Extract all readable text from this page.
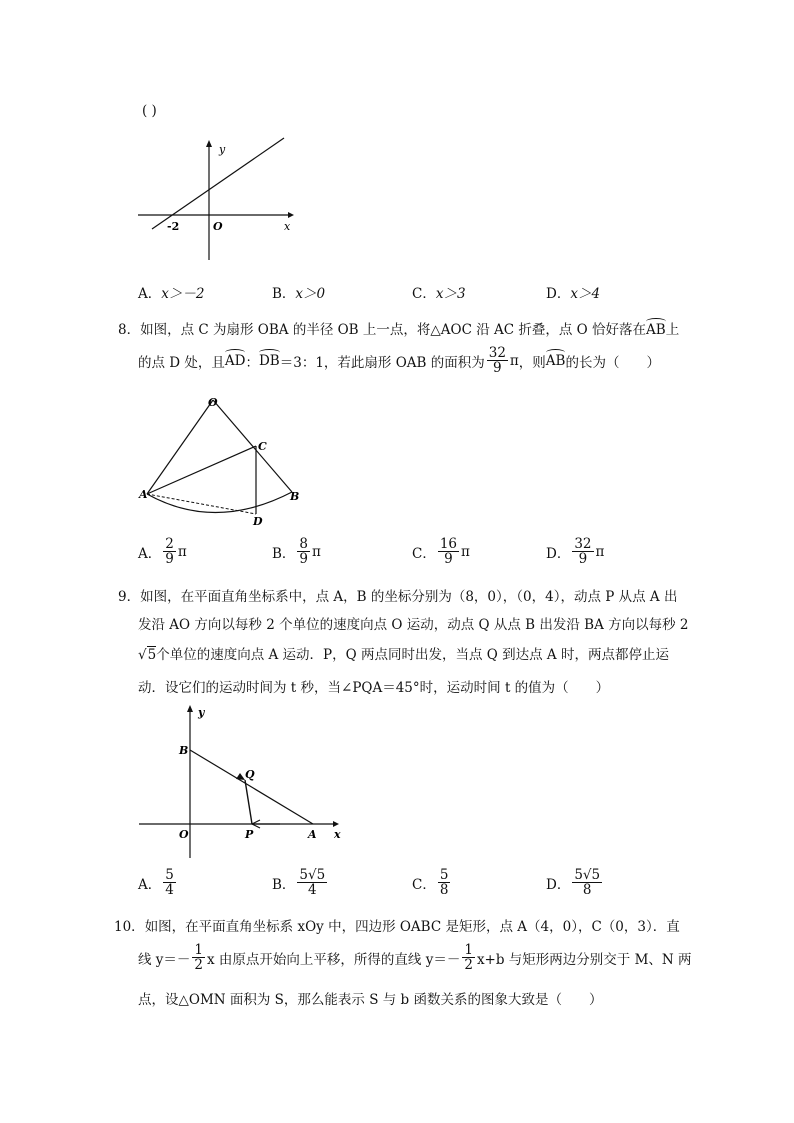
( )
y
x
O
-2
A．x＞－2	B．x＞0	C．x＞3	D．x＞4
8．如图，点 C 为扇形 OBA 的半径 OB 上一点，将△AOC 沿 AC 折叠，点 O 恰好落在AB上
的点 D 处，且 AD ： DB ＝3：1，若此扇形 OAB 的面积为 $\frac{32}{9}$ π ，则 AB 的长为（　　）
O
C
A	B
D
A． $\frac{2}{9}$ π	B． $\frac{8}{9}$ π	C． $\frac{16}{9}$ π	D． $\frac{32}{9}$ π
9．如图，在平面直角坐标系中，点 A，B 的坐标分别为（8，0），（0，4），动点 P 从点 A 出
发沿 AO 方向以每秒 2 个单位的速度向点 O 运动，动点 Q 从点 B 出发沿 BA 方向以每秒 2
√5个单位的速度向点 A 运动．P，Q 两点同时出发，当点 Q 到达点 A 时，两点都停止运
动．设它们的运动时间为 t 秒，当∠PQA＝45°时，运动时间 t 的值为（　　）
y
B
Q
O	P	A x
A． $\frac{5}{4}$	B． $\frac{5√5}{4}$	C． $\frac{5}{8}$	D． $\frac{5√5}{8}$
10．如图，在平面直角坐标系 xOy 中，四边形 OABC 是矩形，点 A（4，0），C（0，3）．直
线 $y=- \frac{1}{2}$ x 由原点开始向上平移，所得的直线 $y=- \frac{1}{2} x+b$ 与矩形两边分别交于 M、N 两
点，设△OMN 面积为 S，那么能表示 S 与 b 函数关系的图象大致是（　　）
